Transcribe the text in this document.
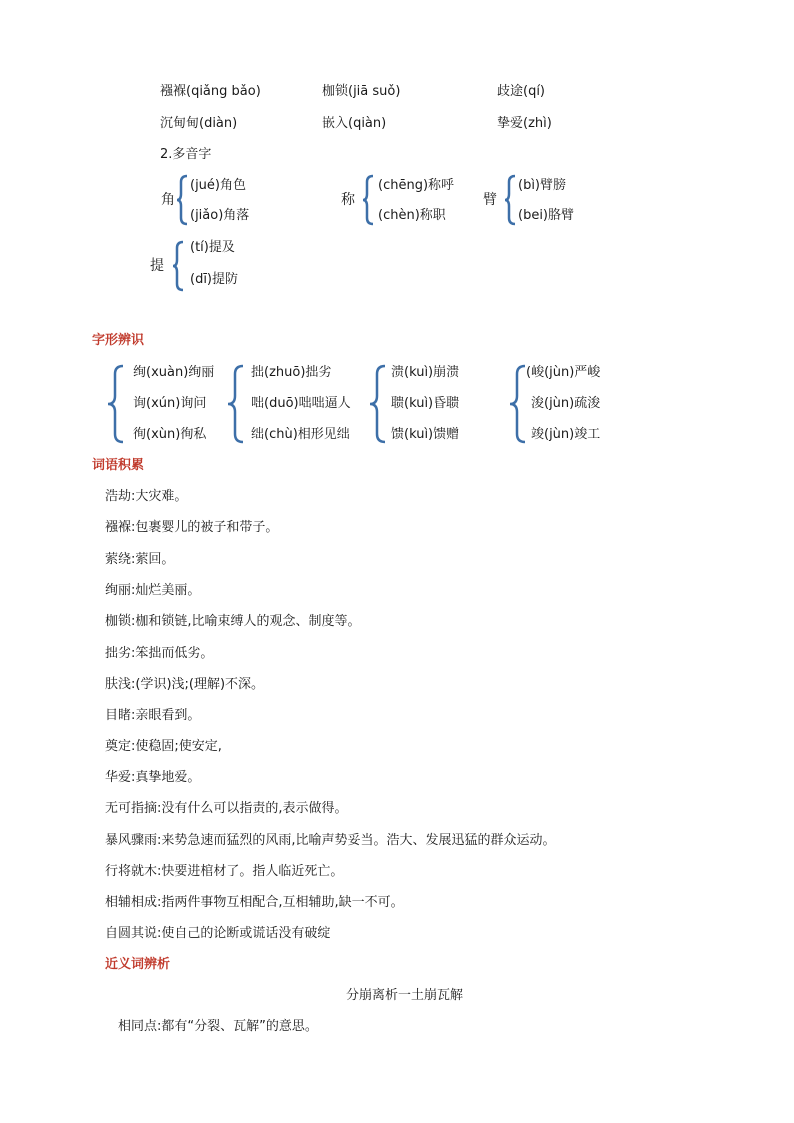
襁褓(qiǎng bǎo)	枷锁(jiā suǒ)	歧途(qí)
沉甸甸(diàn)	嵌入(qiàn)	挚爱(zhì)
2.多音字
角
(jué)角色
(jiǎo)角落
称
(chēng)称呼
(chèn)称职
臂
(bì)臂膀
(bei)胳臂
提
(tí)提及
(dī)提防
字形辨识
绚(xuàn)绚丽
询(xún)询问
徇(xùn)徇私
拙(zhuō)拙劣
咄(duō)咄咄逼人
绌(chù)相形见绌
溃(kuì)崩溃
聩(kuì)昏聩
馈(kuì)馈赠
(峻(jùn)严峻
浚(jùn)疏浚
竣(jùn)竣工
词语积累
浩劫:大灾难。
襁褓:包裹婴儿的被子和带子。
萦绕:萦回。
绚丽:灿烂美丽。
枷锁:枷和锁链,比喻束缚人的观念、制度等。
拙劣:笨拙而低劣。
肤浅:(学识)浅;(理解)不深。
目睹:亲眼看到。
奠定:使稳固;使安定,
华爱:真挚地爱。
无可指摘:没有什么可以指责的,表示做得。
暴风骤雨:来势急速而猛烈的风雨,比喻声势妥当。浩大、发展迅猛的群众运动。
行将就木:快要进棺材了。指人临近死亡。
相辅相成:指两件事物互相配合,互相辅助,缺一不可。
自圆其说:使自己的论断或谎话没有破绽
近义词辨析
分崩离析一土崩瓦解
相同点:都有“分裂、瓦解”的意思。
